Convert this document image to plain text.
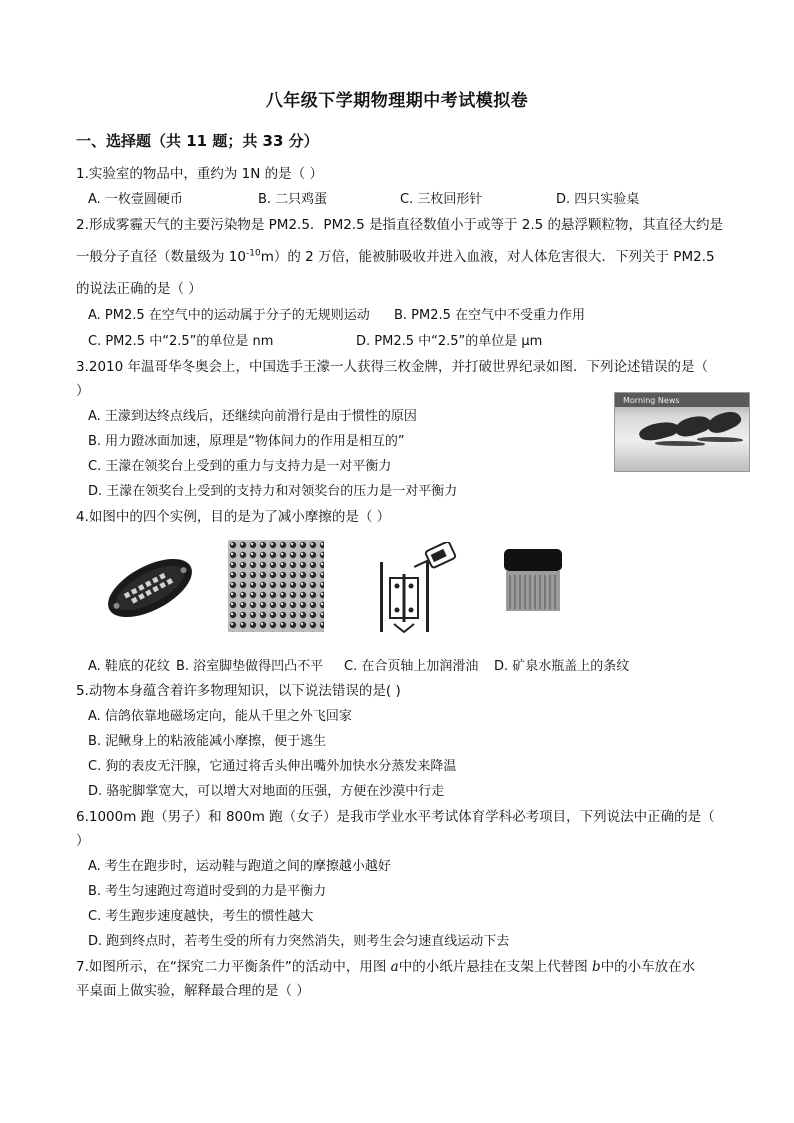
八年级下学期物理期中考试模拟卷
一、选择题（共 11 题；共 33 分）
1.实验室的物品中，重约为 1N 的是（ ）
A. 一枚壹圆硬币	B. 二只鸡蛋	C. 三枚回形针	D. 四只实验桌
2.形成雾霾天气的主要污染物是 PM2.5．PM2.5 是指直径数值小于或等于 2.5 的悬浮颗粒物，其直径大约是
一般分子直径（数量级为 $10^{-10}m$）的 2 万倍，能被肺吸收并进入血液，对人体危害很大．下列关于 PM2.5
的说法正确的是（ ）
A. PM2.5 在空气中的运动属于分子的无规则运动 B. PM2.5 在空气中不受重力作用
C. PM2.5 中“2.5”的单位是 nm	D. PM2.5 中“2.5”的单位是 μm
3.2010 年温哥华冬奥会上，中国选手王濛一人获得三枚金牌，并打破世界纪录如图．下列论述错误的是（
）
A. 王濛到达终点线后，还继续向前滑行是由于惯性的原因
B. 用力蹬冰面加速，原理是“物体间力的作用是相互的”
C. 王濛在领奖台上受到的重力与支持力是一对平衡力
D. 王濛在领奖台上受到的支持力和对领奖台的压力是一对平衡力
Morning News
4.如图中的四个实例，目的是为了减小摩擦的是（ ）
A. 鞋底的花纹 B. 浴室脚垫做得凹凸不平 C. 在合页轴上加润滑油 D. 矿泉水瓶盖上的条纹
5.动物本身蕴含着许多物理知识，以下说法错误的是( )
A. 信鸽依靠地磁场定向，能从千里之外飞回家
B. 泥鳅身上的粘液能减小摩擦，便于逃生
C. 狗的表皮无汗腺，它通过将舌头伸出嘴外加快水分蒸发来降温
D. 骆驼脚掌宽大，可以增大对地面的压强，方便在沙漠中行走
6.1000m 跑（男子）和 800m 跑（女子）是我市学业水平考试体育学科必考项目，下列说法中正确的是（
）
A. 考生在跑步时，运动鞋与跑道之间的摩擦越小越好
B. 考生匀速跑过弯道时受到的力是平衡力
C. 考生跑步速度越快，考生的惯性越大
D. 跑到终点时，若考生受的所有力突然消失，则考生会匀速直线运动下去
7.如图所示，在“探究二力平衡条件”的活动中，用图 a中的小纸片悬挂在支架上代替图 b中的小车放在水
平桌面上做实验，解释最合理的是（ ）
